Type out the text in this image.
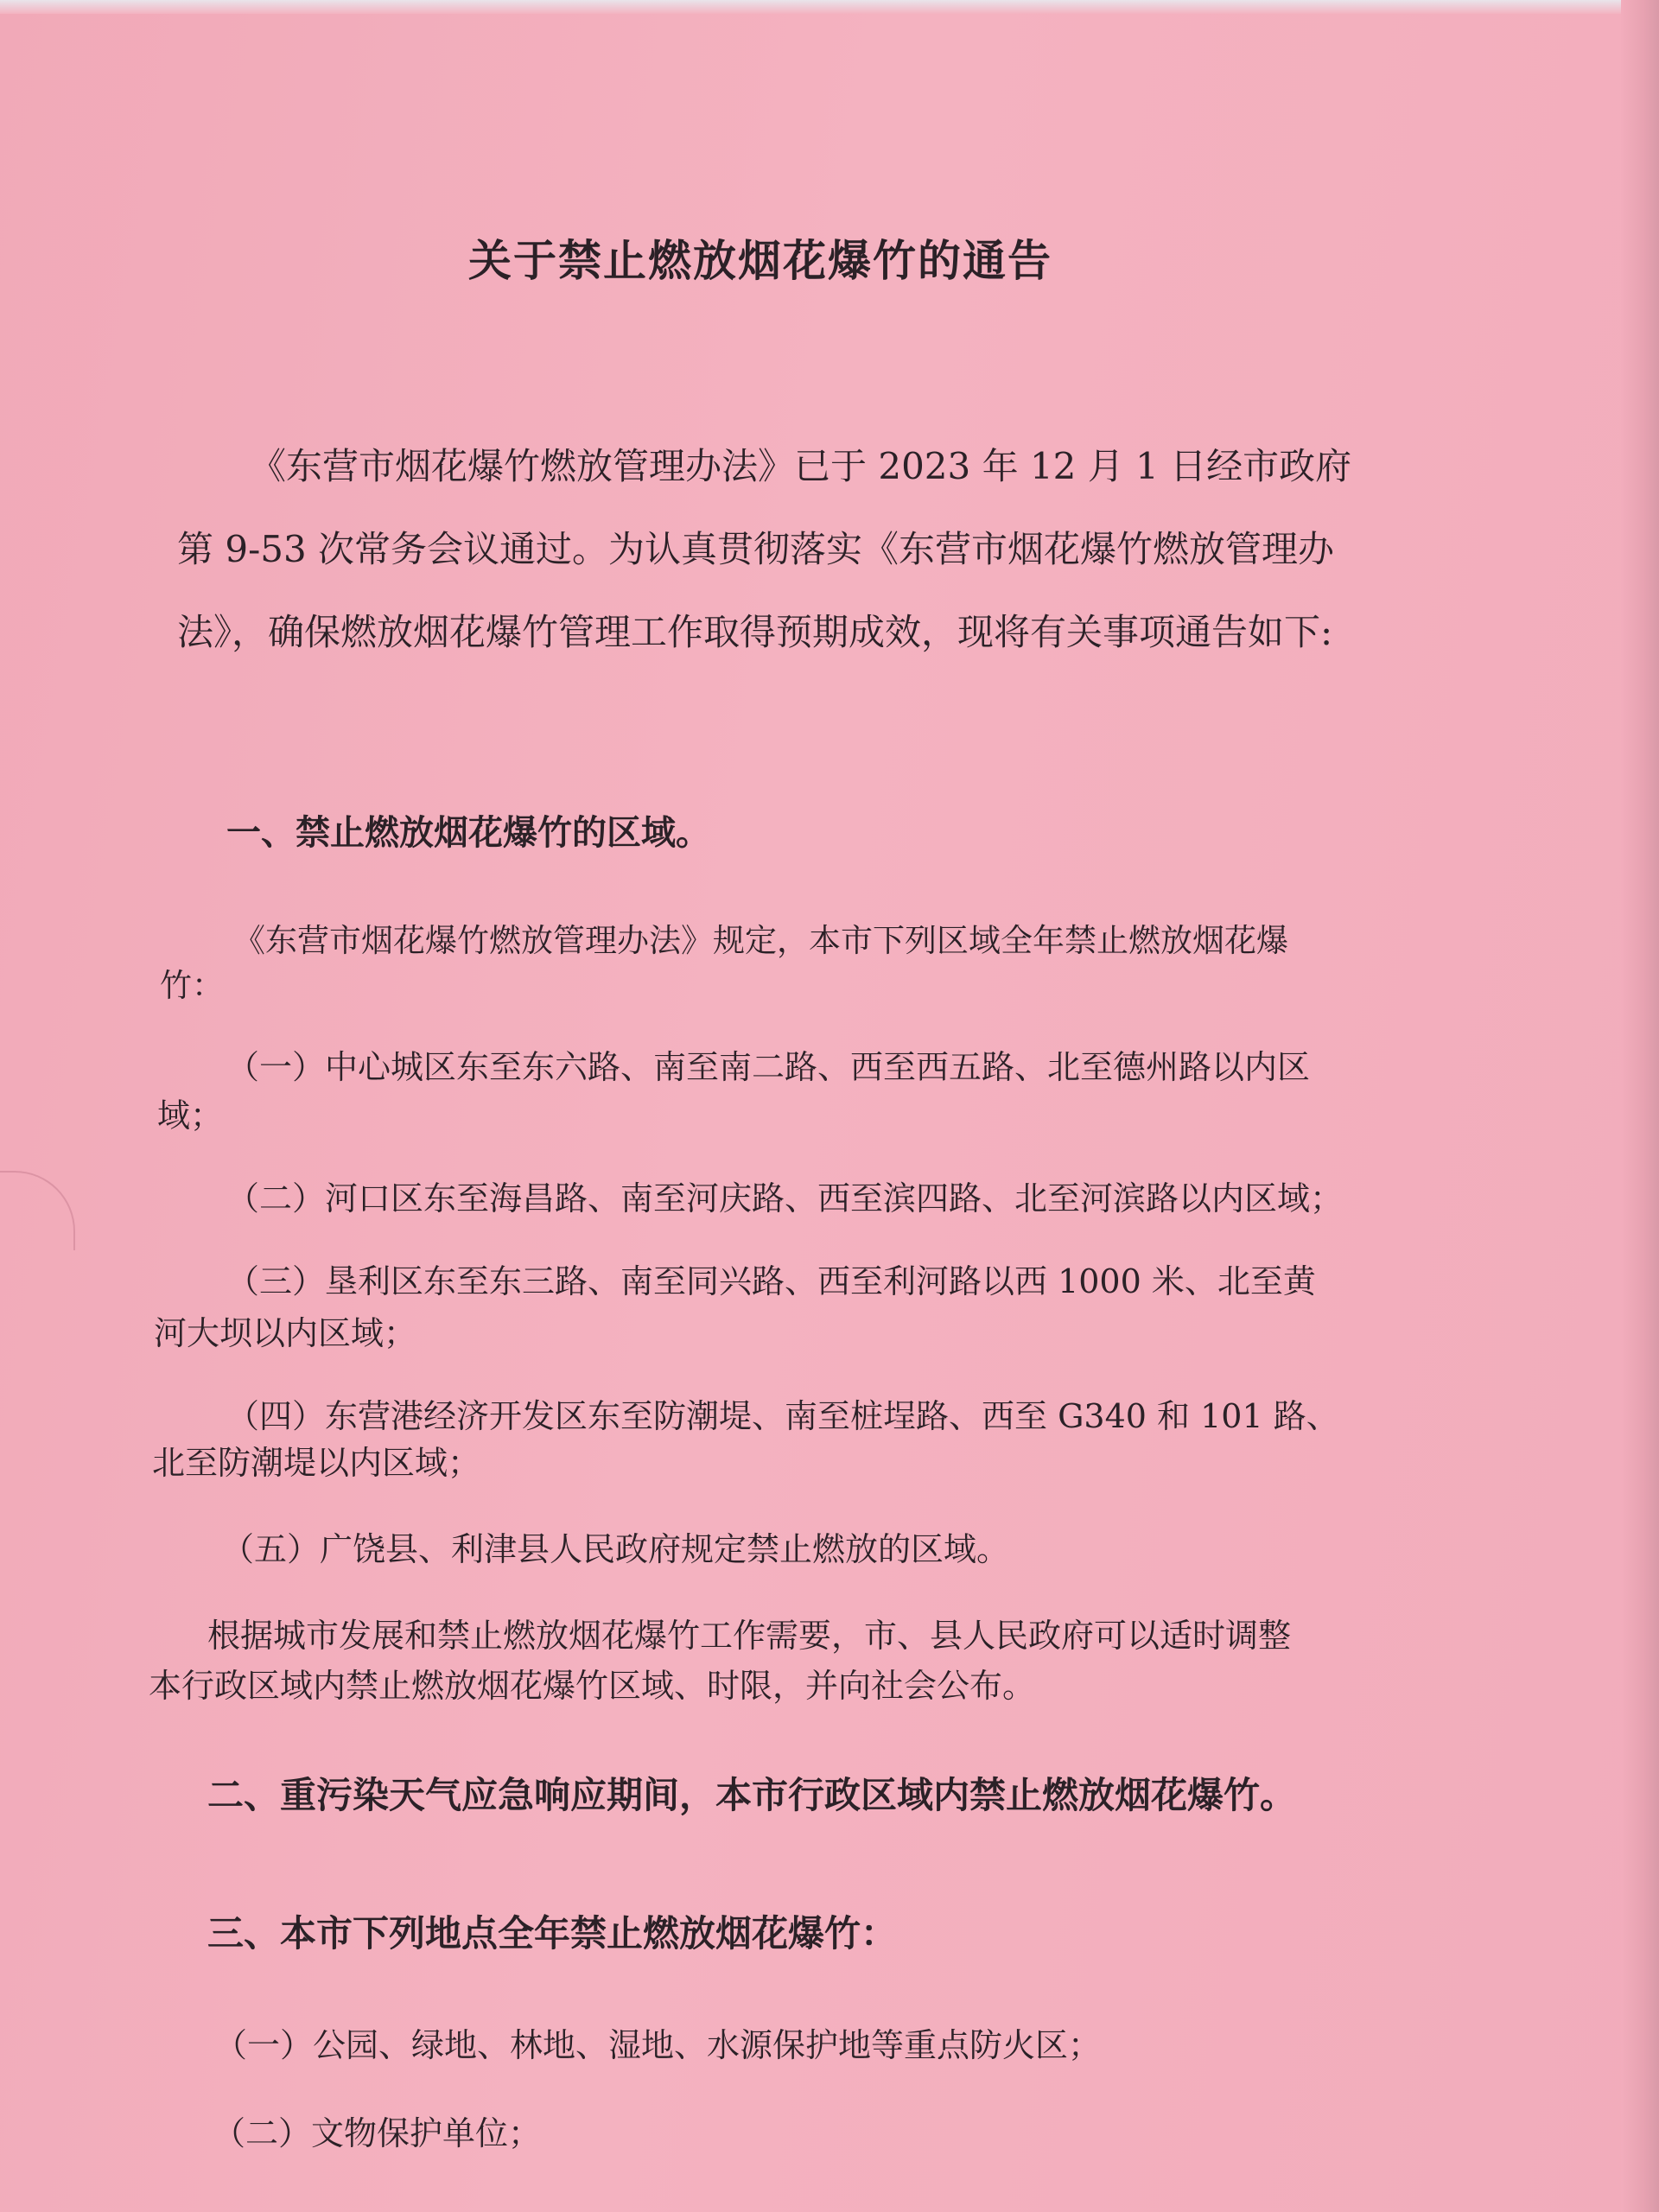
关于禁止燃放烟花爆竹的通告

《东营市烟花爆竹燃放管理办法》已于 2023 年 12 月 1 日经市政府第 9-53 次常务会议通过。为认真贯彻落实《东营市烟花爆竹燃放管理办法》，确保燃放烟花爆竹管理工作取得预期成效，现将有关事项通告如下:

一、禁止燃放烟花爆竹的区域。

《东营市烟花爆竹燃放管理办法》规定，本市下列区域全年禁止燃放烟花爆

竹：

（一）中心城区东至东六路、南至南二路、西至西五路、北至德州路以内区

域；

（二）河口区东至海昌路、南至河庆路、西至滨四路、北至河滨路以内区域；

（三）垦利区东至东三路、南至同兴路、西至利河路以西 1000 米、北至黄

河大坝以内区域；

（四）东营港经济开发区东至防潮堤、南至桩埕路、西至 G340 和 101 路、

北至防潮堤以内区域；

（五）广饶县、利津县人民政府规定禁止燃放的区域。

根据城市发展和禁止燃放烟花爆竹工作需要，市、县人民政府可以适时调整

本行政区域内禁止燃放烟花爆竹区域、时限，并向社会公布。

二、重污染天气应急响应期间，本市行政区域内禁止燃放烟花爆竹。

三、本市下列地点全年禁止燃放烟花爆竹：

（一）公园、绿地、林地、湿地、水源保护地等重点防火区；

（二）文物保护单位；
